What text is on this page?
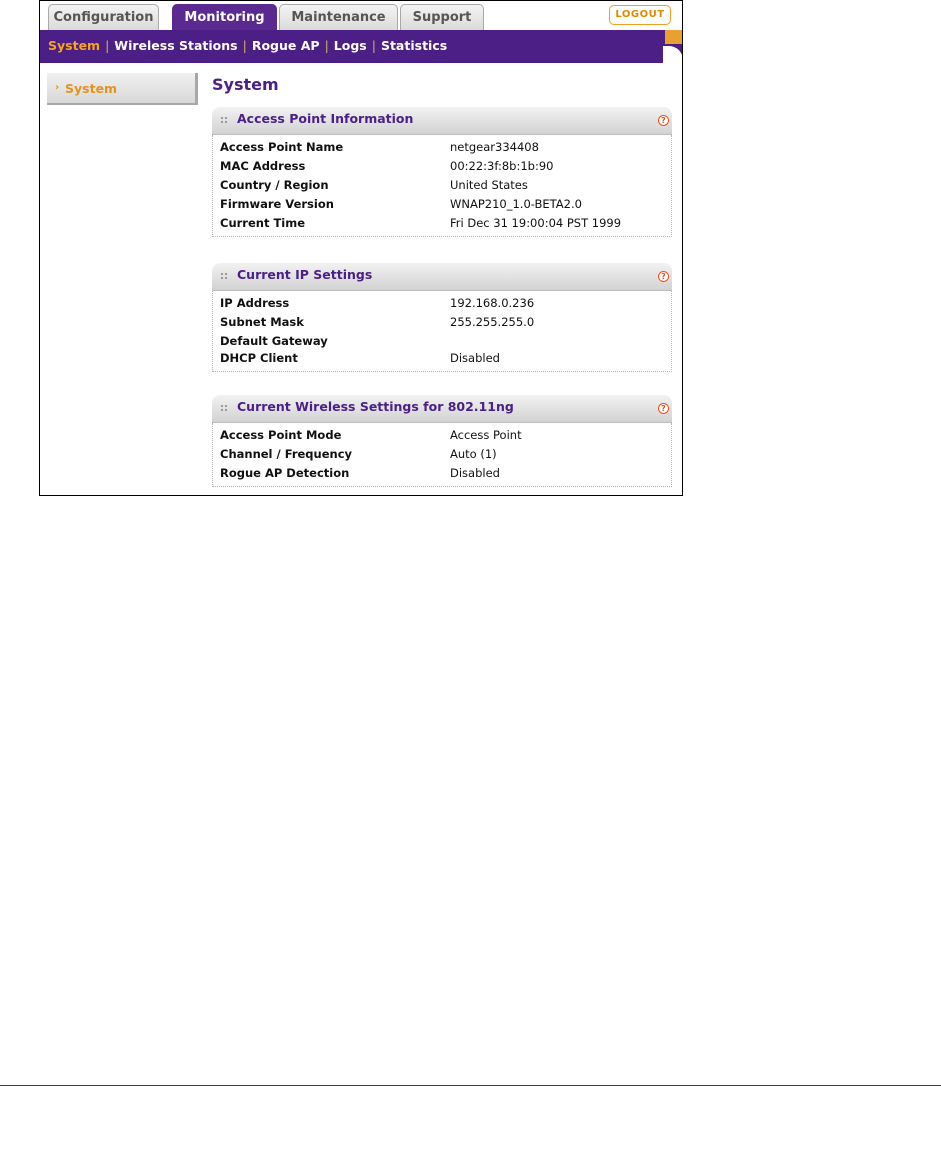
Configuration	Monitoring	Maintenance	Support	LOGOUT
System | Wireless Stations | Rogue AP | Logs | Statistics
› System	System
Access Point Information	?
Access Point Name	netgear334408
MAC Address	00:22:3f:8b:1b:90
Country / Region	United States
Firmware Version	WNAP210_1.0-BETA2.0
Current Time	Fri Dec 31 19:00:04 PST 1999
Current IP Settings	?
IP Address	192.168.0.236
Subnet Mask	255.255.255.0
Default Gateway
DHCP Client	Disabled
Current Wireless Settings for 802.11ng	?
Access Point Mode	Access Point
Channel / Frequency	Auto (1)
Rogue AP Detection	Disabled
